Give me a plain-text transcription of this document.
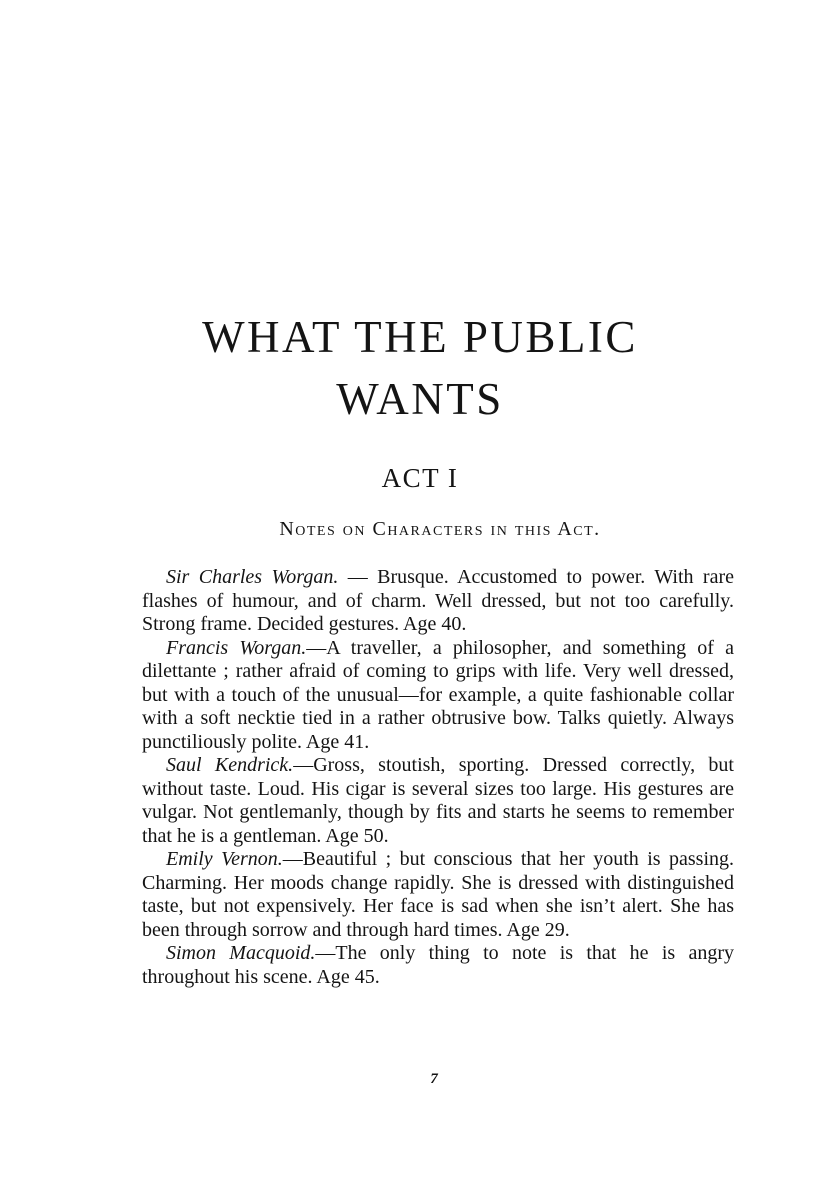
WHAT THE PUBLIC
WANTS
ACT I
Notes on Characters in this Act.

Sir Charles Worgan. — Brusque. Accustomed to power. With rare flashes of humour, and of charm. Well dressed, but not too carefully. Strong frame. Decided gestures. Age 40.

Francis Worgan.—A traveller, a philosopher, and something of a dilettante ; rather afraid of coming to grips with life. Very well dressed, but with a touch of the unusual—for example, a quite fashionable collar with a soft necktie tied in a rather obtrusive bow. Talks quietly. Always punctiliously polite. Age 41.

Saul Kendrick.—Gross, stoutish, sporting. Dressed correctly, but without taste. Loud. His cigar is several sizes too large. His gestures are vulgar. Not gentlemanly, though by fits and starts he seems to remember that he is a gentleman. Age 50.

Emily Vernon.—Beautiful ; but conscious that her youth is passing. Charming. Her moods change rapidly. She is dressed with distinguished taste, but not expensively. Her face is sad when she isn’t alert. She has been through sorrow and through hard times. Age 29.

Simon Macquoid.—The only thing to note is that he is angry throughout his scene. Age 45.

7
